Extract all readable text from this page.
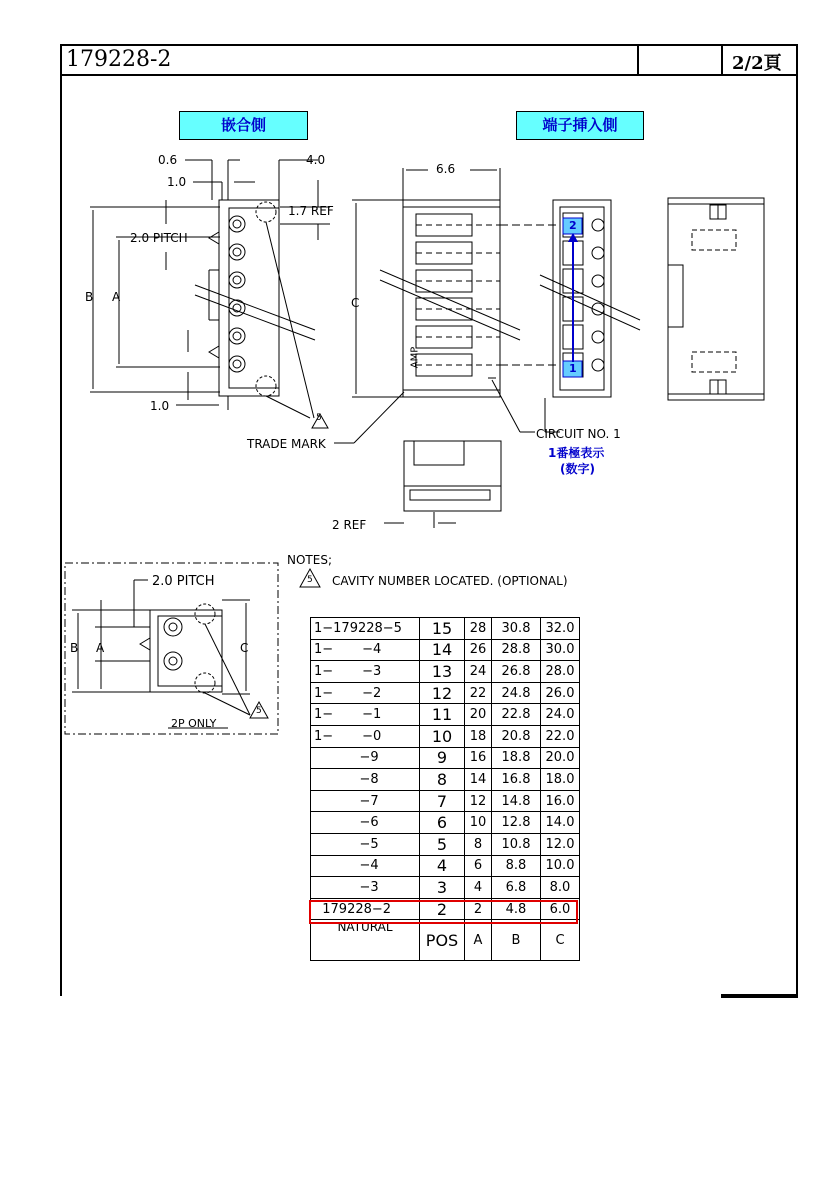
179228-2	2/2頁
嵌合側	端子挿入側
0.6	4.0
1.0
1.7 REF
2.0 PITCH
B A
1.0
6.6
C
TRADE MARK
CIRCUIT NO. 1
1番極表示
(数字)
2 REF
AMP
5
2
1
2.0 PITCH
B A	C
2P ONLY
5
NOTES;
5 CAVITY NUMBER LOCATED. (OPTIONAL)
1−179228−5	15	28	30.8	32.0
1−       −4	14	26	28.8	30.0
1−       −3	13	24	26.8	28.0
1−       −2	12	22	24.8	26.0
1−       −1	11	20	22.8	24.0
1−       −0	10	18	20.8	22.0
−9	9	16	18.8	20.0
−8	8	14	16.8	18.0
−7	7	12	14.8	16.0
−6	6	10	12.8	14.0
−5	5	8	10.8	12.0
−4	4	6	8.8	10.0
−3	3	4	6.8	8.0
179228−2	2	2	4.8	6.0
NATURAL	POS	A	B	C
